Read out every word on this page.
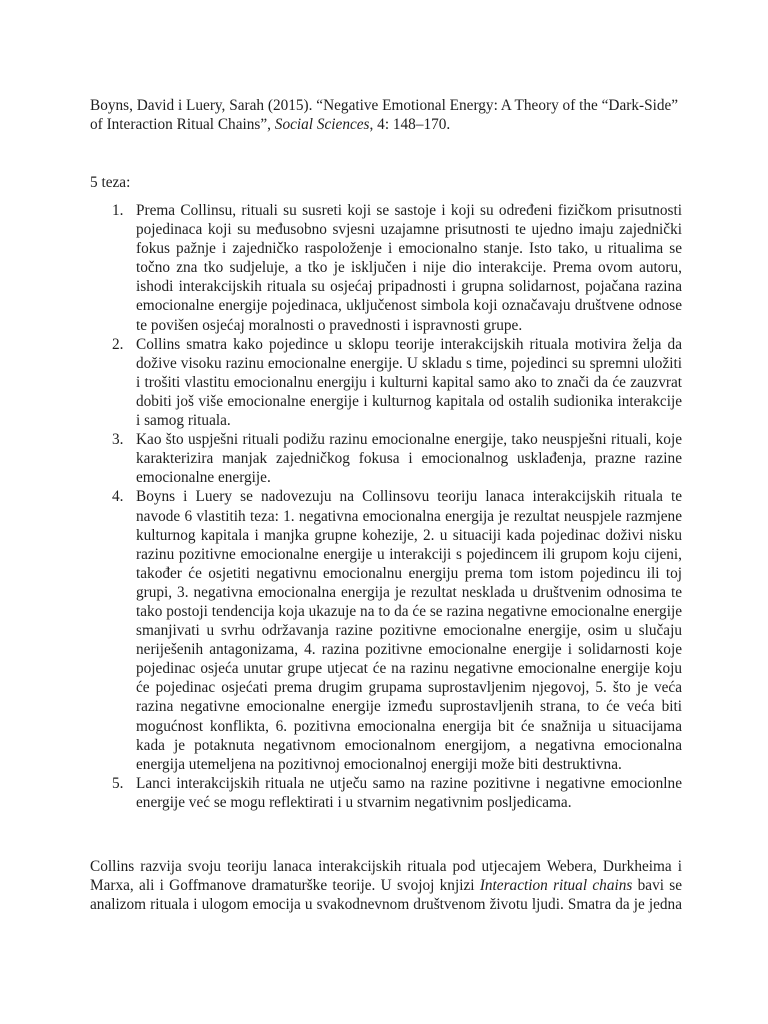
Boyns, David i Luery, Sarah (2015). “Negative Emotional Energy: A Theory of the “Dark-Side” of Interaction Ritual Chains”, Social Sciences, 4: 148–170.

5 teza:

1. Prema Collinsu, rituali su susreti koji se sastoje i koji su određeni fizičkom prisutnosti pojedinaca koji su međusobno svjesni uzajamne prisutnosti te ujedno imaju zajednički fokus pažnje i zajedničko raspoloženje i emocionalno stanje. Isto tako, u ritualima se točno zna tko sudjeluje, a tko je isključen i nije dio interakcije. Prema ovom autoru, ishodi interakcijskih rituala su osjećaj pripadnosti i grupna solidarnost, pojačana razina emocionalne energije pojedinaca, uključenost simbola koji označavaju društvene odnose te povišen osjećaj moralnosti o pravednosti i ispravnosti grupe.
2. Collins smatra kako pojedince u sklopu teorije interakcijskih rituala motivira želja da dožive visoku razinu emocionalne energije. U skladu s time, pojedinci su spremni uložiti i trošiti vlastitu emocionalnu energiju i kulturni kapital samo ako to znači da će zauzvrat dobiti još više emocionalne energije i kulturnog kapitala od ostalih sudionika interakcije i samog rituala.
3. Kao što uspješni rituali podižu razinu emocionalne energije, tako neuspješni rituali, koje karakterizira manjak zajedničkog fokusa i emocionalnog usklađenja, prazne razine emocionalne energije.
4. Boyns i Luery se nadovezuju na Collinsovu teoriju lanaca interakcijskih rituala te navode 6 vlastitih teza: 1. negativna emocionalna energija je rezultat neuspjele razmjene kulturnog kapitala i manjka grupne kohezije, 2. u situaciji kada pojedinac doživi nisku razinu pozitivne emocionalne energije u interakciji s pojedincem ili grupom koju cijeni, također će osjetiti negativnu emocionalnu energiju prema tom istom pojedincu ili toj grupi, 3. negativna emocionalna energija je rezultat nesklada u društvenim odnosima te tako postoji tendencija koja ukazuje na to da će se razina negativne emocionalne energije smanjivati u svrhu održavanja razine pozitivne emocionalne energije, osim u slučaju neriješenih antagonizama, 4. razina pozitivne emocionalne energije i solidarnosti koje pojedinac osjeća unutar grupe utjecat će na razinu negativne emocionalne energije koju će pojedinac osjećati prema drugim grupama suprostavljenim njegovoj, 5. što je veća razina negativne emocionalne energije između suprostavljenih strana, to će veća biti mogućnost konflikta, 6. pozitivna emocionalna energija bit će snažnija u situacijama kada je potaknuta negativnom emocionalnom energijom, a negativna emocionalna energija utemeljena na pozitivnoj emocionalnoj energiji može biti destruktivna.
5. Lanci interakcijskih rituala ne utječu samo na razine pozitivne i negativne emocionlne energije već se mogu reflektirati i u stvarnim negativnim posljedicama.

Collins razvija svoju teoriju lanaca interakcijskih rituala pod utjecajem Webera, Durkheima i Marxa, ali i Goffmanove dramaturške teorije. U svojoj knjizi Interaction ritual chains bavi se analizom rituala i ulogom emocija u svakodnevnom društvenom životu ljudi. Smatra da je jedna
